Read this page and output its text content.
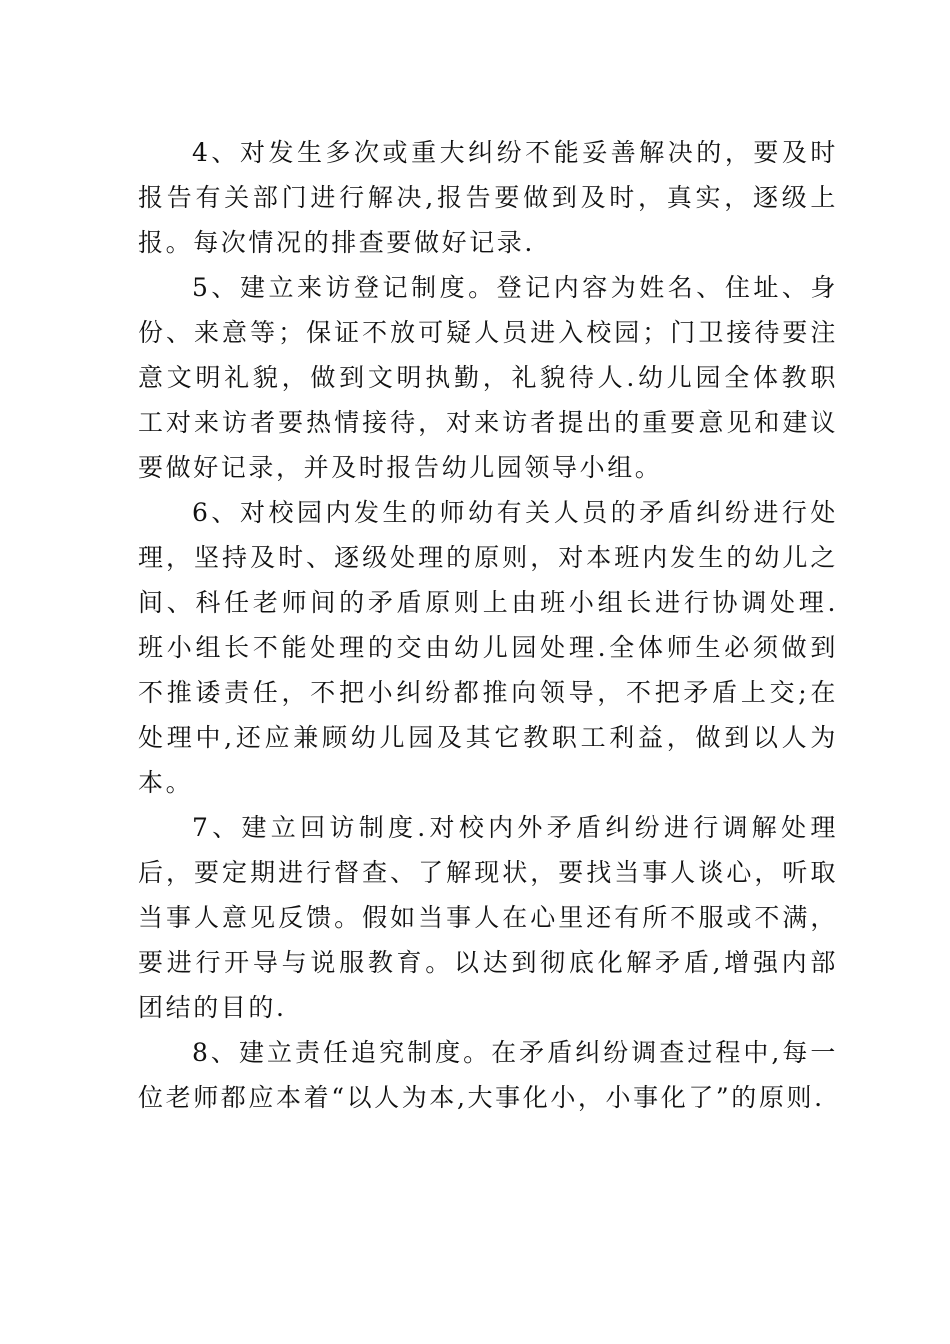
4、对发生多次或重大纠纷不能妥善解决的，要及时报告有关部门进行解决,报告要做到及时，真实，逐级上报。每次情况的排查要做好记录.

5、建立来访登记制度。登记内容为姓名、住址、身份、来意等；保证不放可疑人员进入校园；门卫接待要注意文明礼貌，做到文明执勤，礼貌待人.幼儿园全体教职工对来访者要热情接待，对来访者提出的重要意见和建议要做好记录，并及时报告幼儿园领导小组。

6、对校园内发生的师幼有关人员的矛盾纠纷进行处理，坚持及时、逐级处理的原则，对本班内发生的幼儿之间、科任老师间的矛盾原则上由班小组长进行协调处理.班小组长不能处理的交由幼儿园处理.全体师生必须做到不推诿责任，不把小纠纷都推向领导，不把矛盾上交;在处理中,还应兼顾幼儿园及其它教职工利益，做到以人为本。

7、建立回访制度.对校内外矛盾纠纷进行调解处理后，要定期进行督查、了解现状，要找当事人谈心，听取当事人意见反馈。假如当事人在心里还有所不服或不满，要进行开导与说服教育。以达到彻底化解矛盾,增强内部团结的目的.

8、建立责任追究制度。在矛盾纠纷调查过程中,每一位老师都应本着“以人为本,大事化小，小事化了”的原则.
